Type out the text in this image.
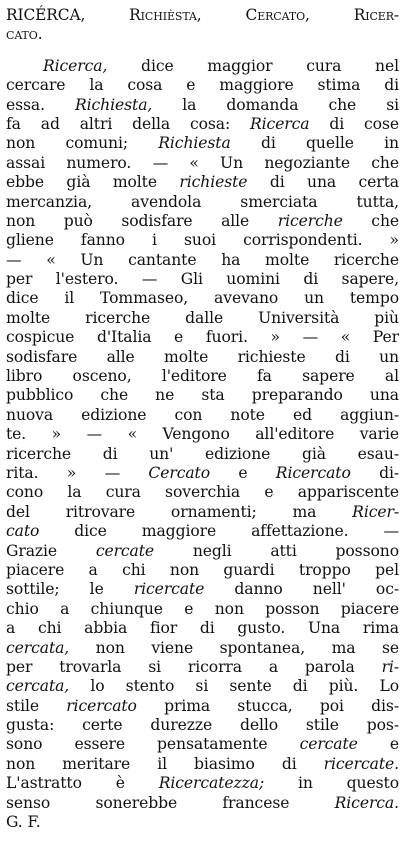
RICÉRCA, Richièsta, Cercato, Ricer-
cato.
Ricerca, dice maggior cura nel
cercare la cosa e maggiore stima di
essa. Richiesta, la domanda che si
fa ad altri della cosa: Ricerca di cose
non comuni; Richiesta di quelle in
assai numero. — « Un negoziante che
ebbe già molte richieste di una certa
mercanzia, avendola smerciata tutta,
non può sodisfare alle ricerche che
gliene fanno i suoi corrispondenti. »
— « Un cantante ha molte ricerche
per l'estero. — Gli uomini di sapere,
dice il Tommaseo, avevano un tempo
molte ricerche dalle Università più
cospicue d'Italia e fuori. » — « Per
sodisfare alle molte richieste di un
libro osceno, l'editore fa sapere al
pubblico che ne sta preparando una
nuova edizione con note ed aggiun-
te. » — « Vengono all'editore varie
ricerche di un' edizione già esau-
rita. » — Cercato e Ricercato di-
cono la cura soverchia e appariscente
del ritrovare ornamenti; ma Ricer-
cato dice maggiore affettazione. —
Grazie cercate negli atti possono
piacere a chi non guardi troppo pel
sottile; le ricercate danno nell' oc-
chio a chiunque e non posson piacere
a chi abbia fior di gusto. Una rima
cercata, non viene spontanea, ma se
per trovarla si ricorra a parola ri-
cercata, lo stento si sente di più. Lo
stile ricercato prima stucca, poi dis-
gusta: certe durezze dello stile pos-
sono essere pensatamente cercate e
non meritare il biasimo di ricercate.
L'astratto è Ricercatezza; in questo
senso sonerebbe francese Ricerca.
G. F.
